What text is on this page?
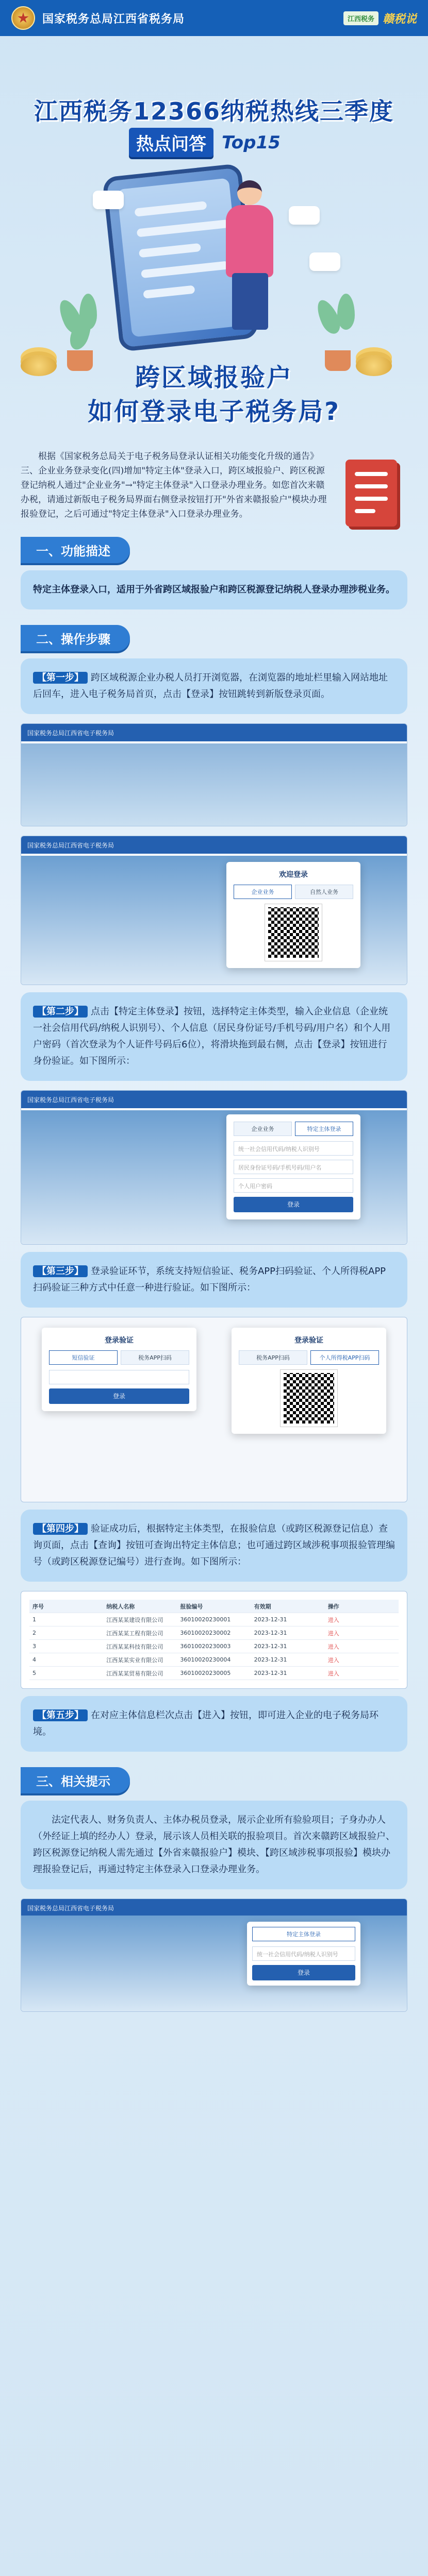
国家税务总局江西省税务局	江西税务 赣税说
江西税务12366纳税热线三季度
热点问答 Top15
跨区域报验户
如何登录电子税务局?

根据《国家税务总局关于电子税务局登录认证相关功能变化升级的通告》三、企业业务登录变化(四)增加"特定主体"登录入口，跨区域报验户、跨区税源登记纳税人通过"企业业务"→"特定主体登录"入口登录办理业务。如您首次来赣办税，请通过新版电子税务局界面右侧登录按钮打开"外省来赣报验户"模块办理报验登记，之后可通过"特定主体登录"入口登录办理业务。

一、功能描述

特定主体登录入口，适用于外省跨区域报验户和跨区税源登记纳税人登录办理涉税业务。

二、操作步骤

【第一步】 跨区域税源企业办税人员打开浏览器，在浏览器的地址栏里输入网站地址后回车，进入电子税务局首页，点击【登录】按钮跳转到新版登录页面。

国家税务总局江西省电子税务局
国家税务总局江西省电子税务局
欢迎登录
企业业务	自然人业务

【第二步】 点击【特定主体登录】按钮，选择特定主体类型，输入企业信息（企业统一社会信用代码/纳税人识别号）、个人信息（居民身份证号/手机号码/用户名）和个人用户密码（首次登录为个人证件号码后6位），将滑块拖到最右侧，点击【登录】按钮进行身份验证。如下图所示：

国家税务总局江西省电子税务局
企业业务	特定主体登录
统一社会信用代码/纳税人识别号
居民身份证号码/手机号码/用户名
个人用户密码
登录

【第三步】 登录验证环节，系统支持短信验证、税务APP扫码验证、个人所得税APP扫码验证三种方式中任意一种进行验证。如下图所示：

登录验证
短信验证	税务APP扫码
登录
登录验证
税务APP扫码	个人所得税APP扫码

【第四步】 验证成功后，根据特定主体类型，在报验信息（或跨区税源登记信息）查询页面，点击【查询】按钮可查询出特定主体信息；也可通过跨区域涉税事项报验管理编号（或跨区税源登记编号）进行查询。如下图所示：

序号	纳税人名称	报验编号	有效期	操作
1	江西某某建设有限公司	36010020230001	2023-12-31	进入
2	江西某某工程有限公司	36010020230002	2023-12-31	进入
3	江西某某科技有限公司	36010020230003	2023-12-31	进入
4	江西某某实业有限公司	36010020230004	2023-12-31	进入
5	江西某某贸易有限公司	36010020230005	2023-12-31	进入

【第五步】 在对应主体信息栏次点击【进入】按钮，即可进入企业的电子税务局环境。

三、相关提示

法定代表人、财务负责人、主体办税员登录，展示企业所有验验项目；子身办办人（外经证上填的经办人）登录，展示该人员相关联的报验项目。首次来赣跨区域报验户、跨区税源登记纳税人需先通过【外省来赣报验户】模块、【跨区域涉税事项报验】模块办理报验登记后，再通过特定主体登录入口登录办理业务。

国家税务总局江西省电子税务局
特定主体登录
统一社会信用代码/纳税人识别号
登录
